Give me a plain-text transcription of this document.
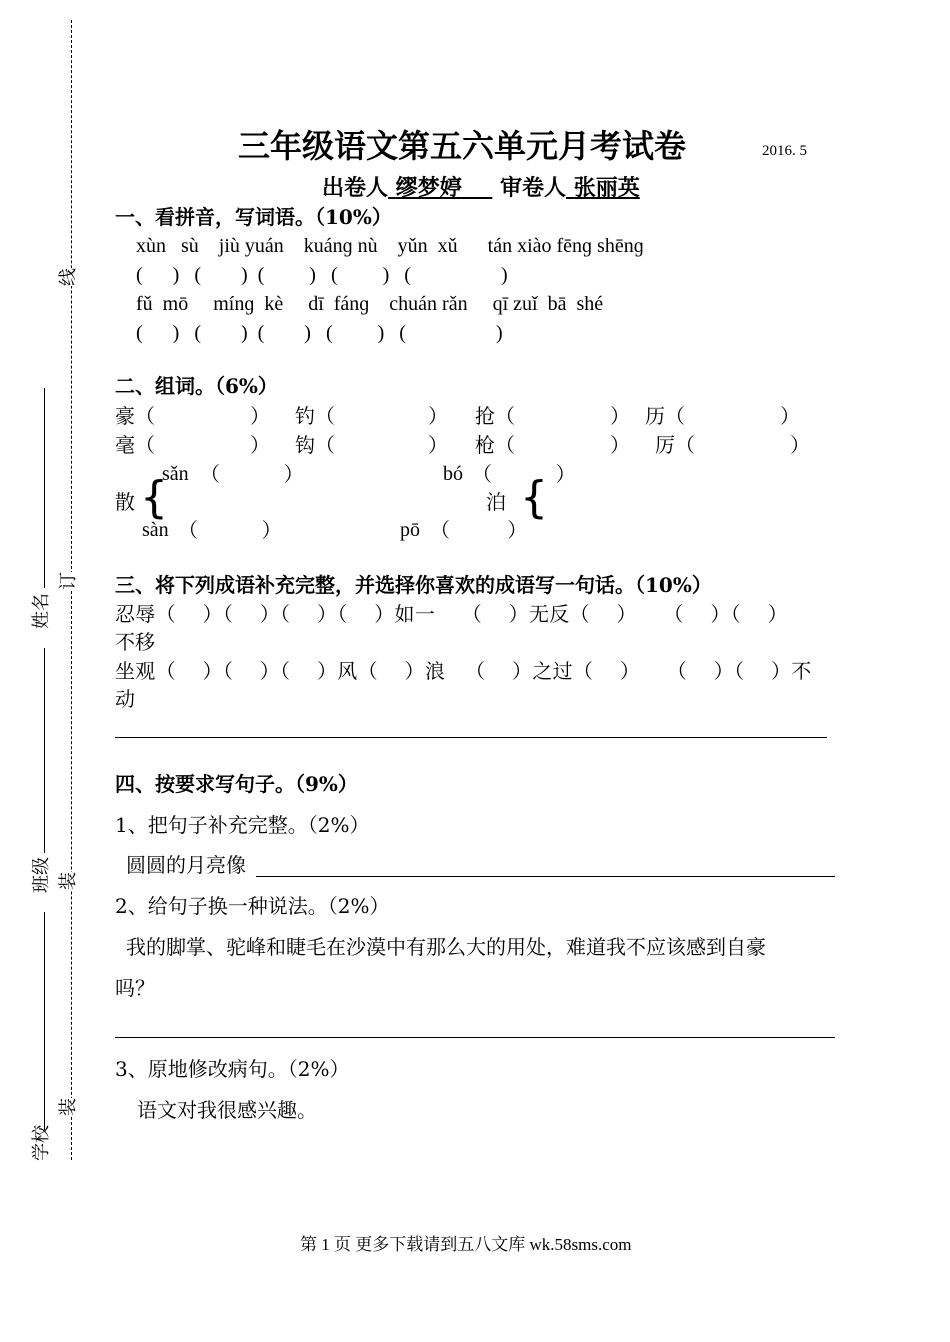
线
订
装
装
姓名
班级
学校
三年级语文第五六单元月考试卷	2016. 5
出卷人 缪梦婷 审卷人 张丽英
一、看拼音，写词语。（10%）
xùn   sù    jiù yuán    kuánɡ nù    yǔn  xǔ      tán xiào fēnɡ shēnɡ
(      )   (        )  (         )   (         )   (                  )
fǔ  mō     mínɡ  kè     dī  fánɡ    chuán rǎn     qī zuǐ  bā  shé
(      )   (        )  (        )   (         )   (                  )
二、组词。（6%）
豪（	） 钓（	） 抢（	） 历（	）
毫（	） 钩（	） 枪（	） 厉（	）
sǎn （          ）
散 {
sàn （          ）
bó （          ）
泊 {
pō （         ）
三、将下列成语补充完整，并选择你喜欢的成语写一句话。（10%）
忍辱（    ）（    ）（    ）（    ）如一    （    ）无反（    ）    （    ）（    ）
不移
坐观（    ）（    ）（    ）风（    ）浪   （    ）之过（    ）    （    ）（    ）不
动
四、按要求写句子。（9%）
1、把句子补充完整。（2%）
圆圆的月亮像
2、给句子换一种说法。（2%）
我的脚掌、驼峰和睫毛在沙漠中有那么大的用处，难道我不应该感到自豪
吗？
3、原地修改病句。（2%）
语文对我很感兴趣。
第 1 页 更多下载请到五八文库 wk.58sms.com
